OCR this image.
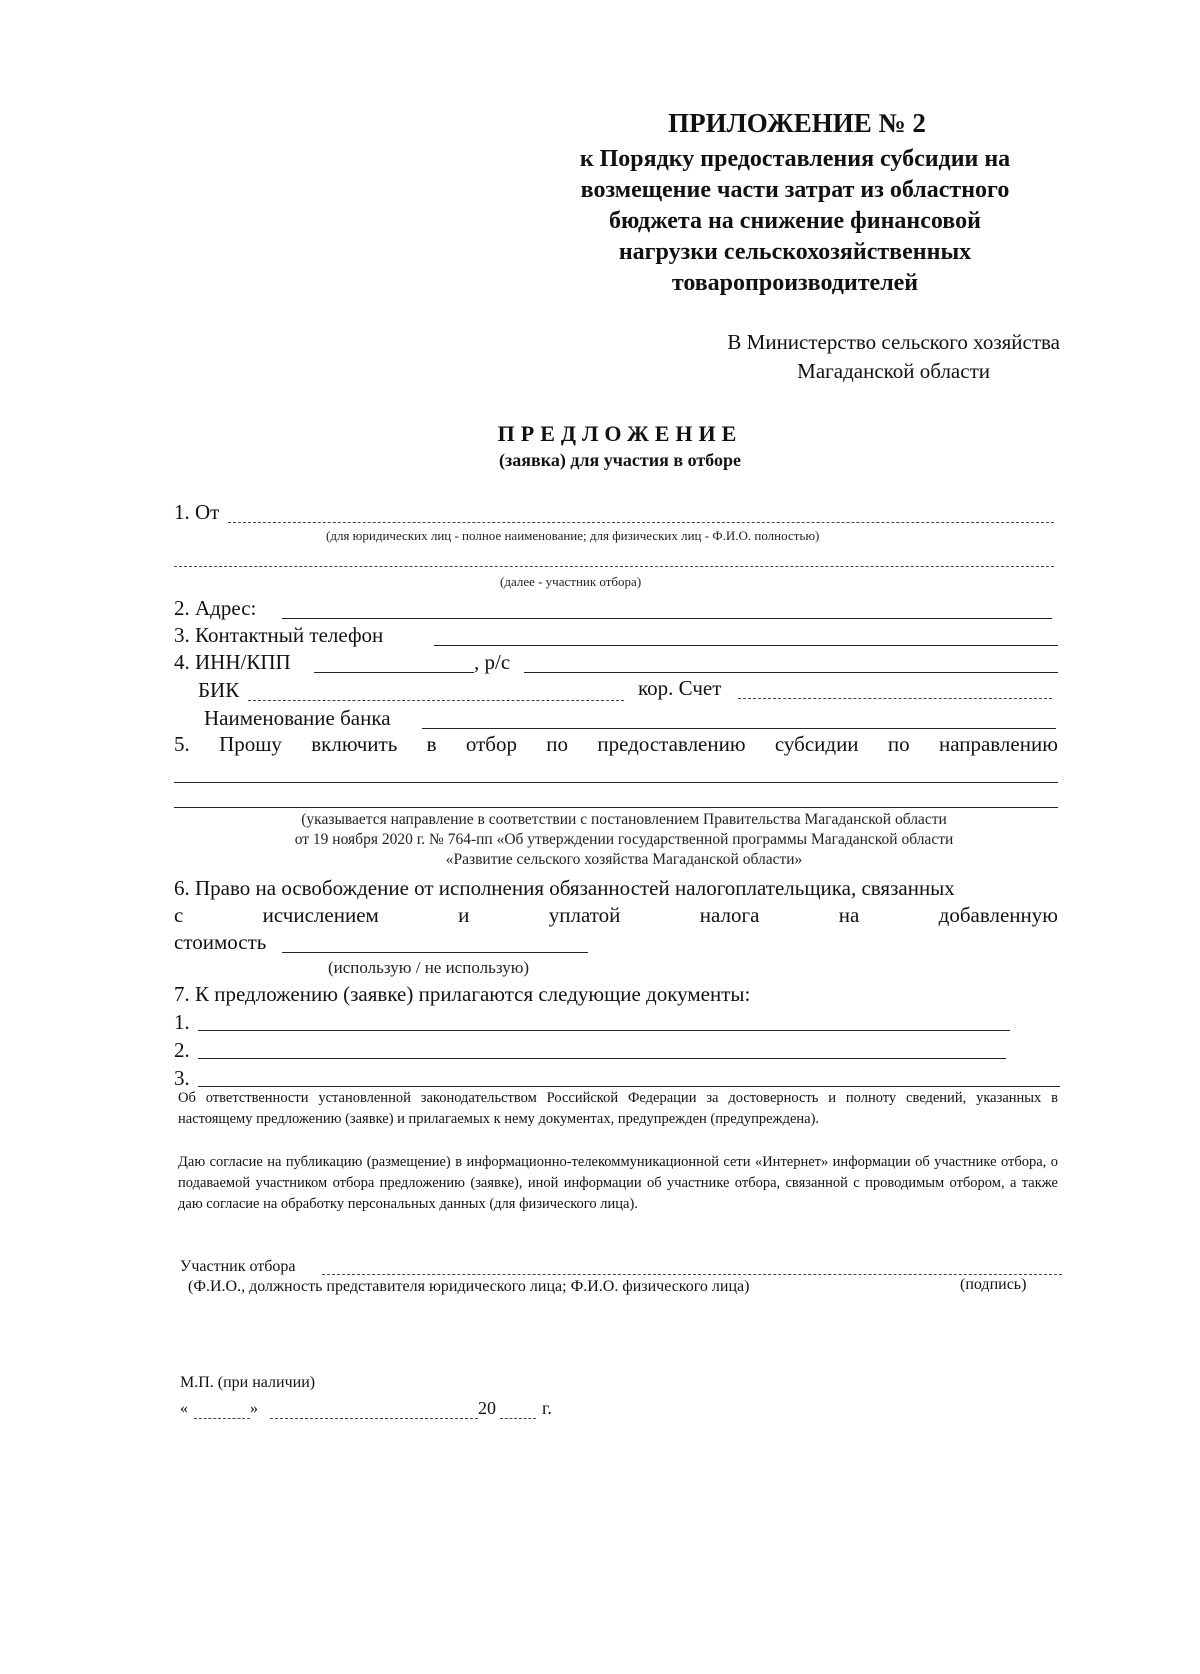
ПРИЛОЖЕНИЕ № 2
к Порядку предоставления субсидии на
возмещение части затрат из областного
бюджета на снижение финансовой
нагрузки сельскохозяйственных
товаропроизводителей
В Министерство сельского хозяйства
Магаданской области
ПРЕДЛОЖЕНИЕ
(заявка) для участия в отборе
1. От
(для юридических лиц - полное наименование; для физических лиц - Ф.И.О. полностью)
(далее - участник отбора)
2. Адрес:
3. Контактный телефон
4. ИНН/КПП	, р/с
БИК	кор. Счет
Наименование банка
5. Прошу включить в отбор по предоставлению субсидии по направлению
(указывается направление в соответствии с постановлением Правительства Магаданской области
от 19 ноября 2020 г. № 764-пп «Об утверждении государственной программы Магаданской области
«Развитие сельского хозяйства Магаданской области»
6. Право на освобождение от исполнения обязанностей налогоплательщика, связанных
с	исчислением	и	уплатой	налога	на	добавленную
стоимость
(использую / не использую)
7. К предложению (заявке) прилагаются следующие документы:
1.
2.
3.
Об ответственности установленной законодательством Российской Федерации за достоверность и полноту сведений, указанных в настоящему предложению (заявке) и прилагаемых к нему документах, предупрежден (предупреждена).
Даю согласие на публикацию (размещение) в информационно-телекоммуникационной сети «Интернет» информации об участнике отбора, о подаваемой участником отбора предложению (заявке), иной информации об участнике отбора, связанной с проводимым отбором, а также даю согласие на обработку персональных данных (для физического лица).
Участник отбора
(Ф.И.О., должность представителя юридического лица; Ф.И.О. физического лица)	(подпись)
М.П. (при наличии)
«	»	20	г.
